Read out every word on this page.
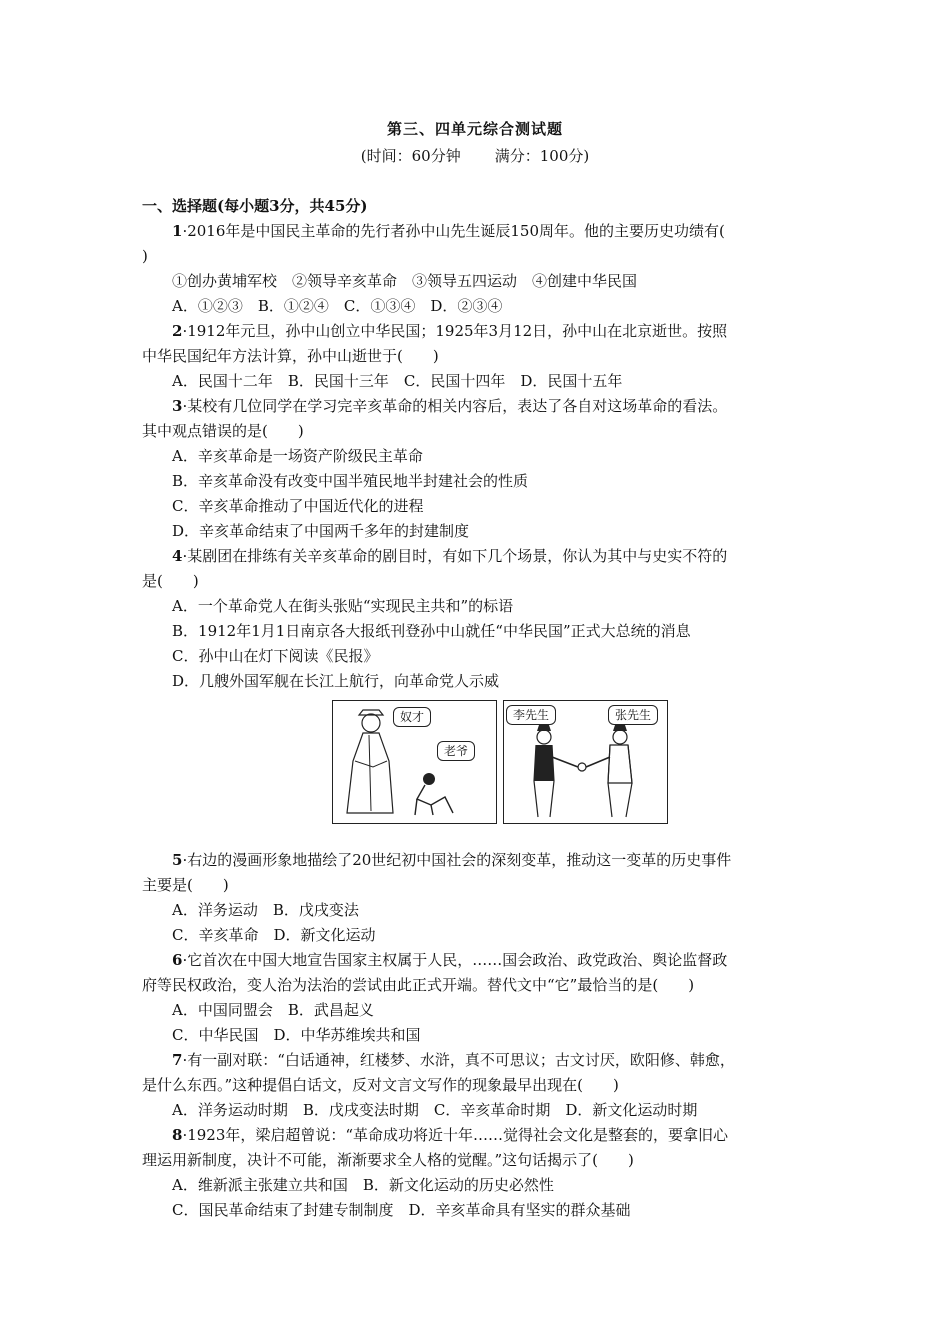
第三、四单元综合测试题
(时间：60分钟 满分：100分)
一、选择题(每小题3分，共45分)
1·2016年是中国民主革命的先行者孙中山先生诞辰150周年。他的主要历史功绩有(
)
①创办黄埔军校　②领导辛亥革命　③领导五四运动　④创建中华民国
A．①②③　B．①②④　C．①③④　D．②③④
2·1912年元旦，孙中山创立中华民国；1925年3月12日，孙中山在北京逝世。按照
中华民国纪年方法计算，孙中山逝世于(　　)
A．民国十二年　B．民国十三年　C．民国十四年　D．民国十五年
3·某校有几位同学在学习完辛亥革命的相关内容后，表达了各自对这场革命的看法。
其中观点错误的是(　　)
A．辛亥革命是一场资产阶级民主革命
B．辛亥革命没有改变中国半殖民地半封建社会的性质
C．辛亥革命推动了中国近代化的进程
D．辛亥革命结束了中国两千多年的封建制度
4·某剧团在排练有关辛亥革命的剧目时，有如下几个场景，你认为其中与史实不符的
是(　　)
A．一个革命党人在街头张贴“实现民主共和”的标语
B．1912年1月1日南京各大报纸刊登孙中山就任“中华民国”正式大总统的消息
C．孙中山在灯下阅读《民报》
D．几艘外国军舰在长江上航行，向革命党人示威
奴才
老爷
李先生	张先生
5·右边的漫画形象地描绘了20世纪初中国社会的深刻变革，推动这一变革的历史事件
主要是(　　)
A．洋务运动　B．戊戌变法
C．辛亥革命　D．新文化运动
6·它首次在中国大地宣告国家主权属于人民，……国会政治、政党政治、舆论监督政
府等民权政治，变人治为法治的尝试由此正式开端。替代文中“它”最恰当的是(　　)
A．中国同盟会　B．武昌起义
C．中华民国　D．中华苏维埃共和国
7·有一副对联：“白话通神，红楼梦、水浒，真不可思议；古文讨厌，欧阳修、韩愈，
是什么东西。”这种提倡白话文，反对文言文写作的现象最早出现在(　　)
A．洋务运动时期　B．戊戌变法时期　C．辛亥革命时期　D．新文化运动时期
8·1923年，梁启超曾说：“革命成功将近十年……觉得社会文化是整套的，要拿旧心
理运用新制度，决计不可能，渐渐要求全人格的觉醒。”这句话揭示了(　　)
A．维新派主张建立共和国　B．新文化运动的历史必然性
C．国民革命结束了封建专制制度　D．辛亥革命具有坚实的群众基础
